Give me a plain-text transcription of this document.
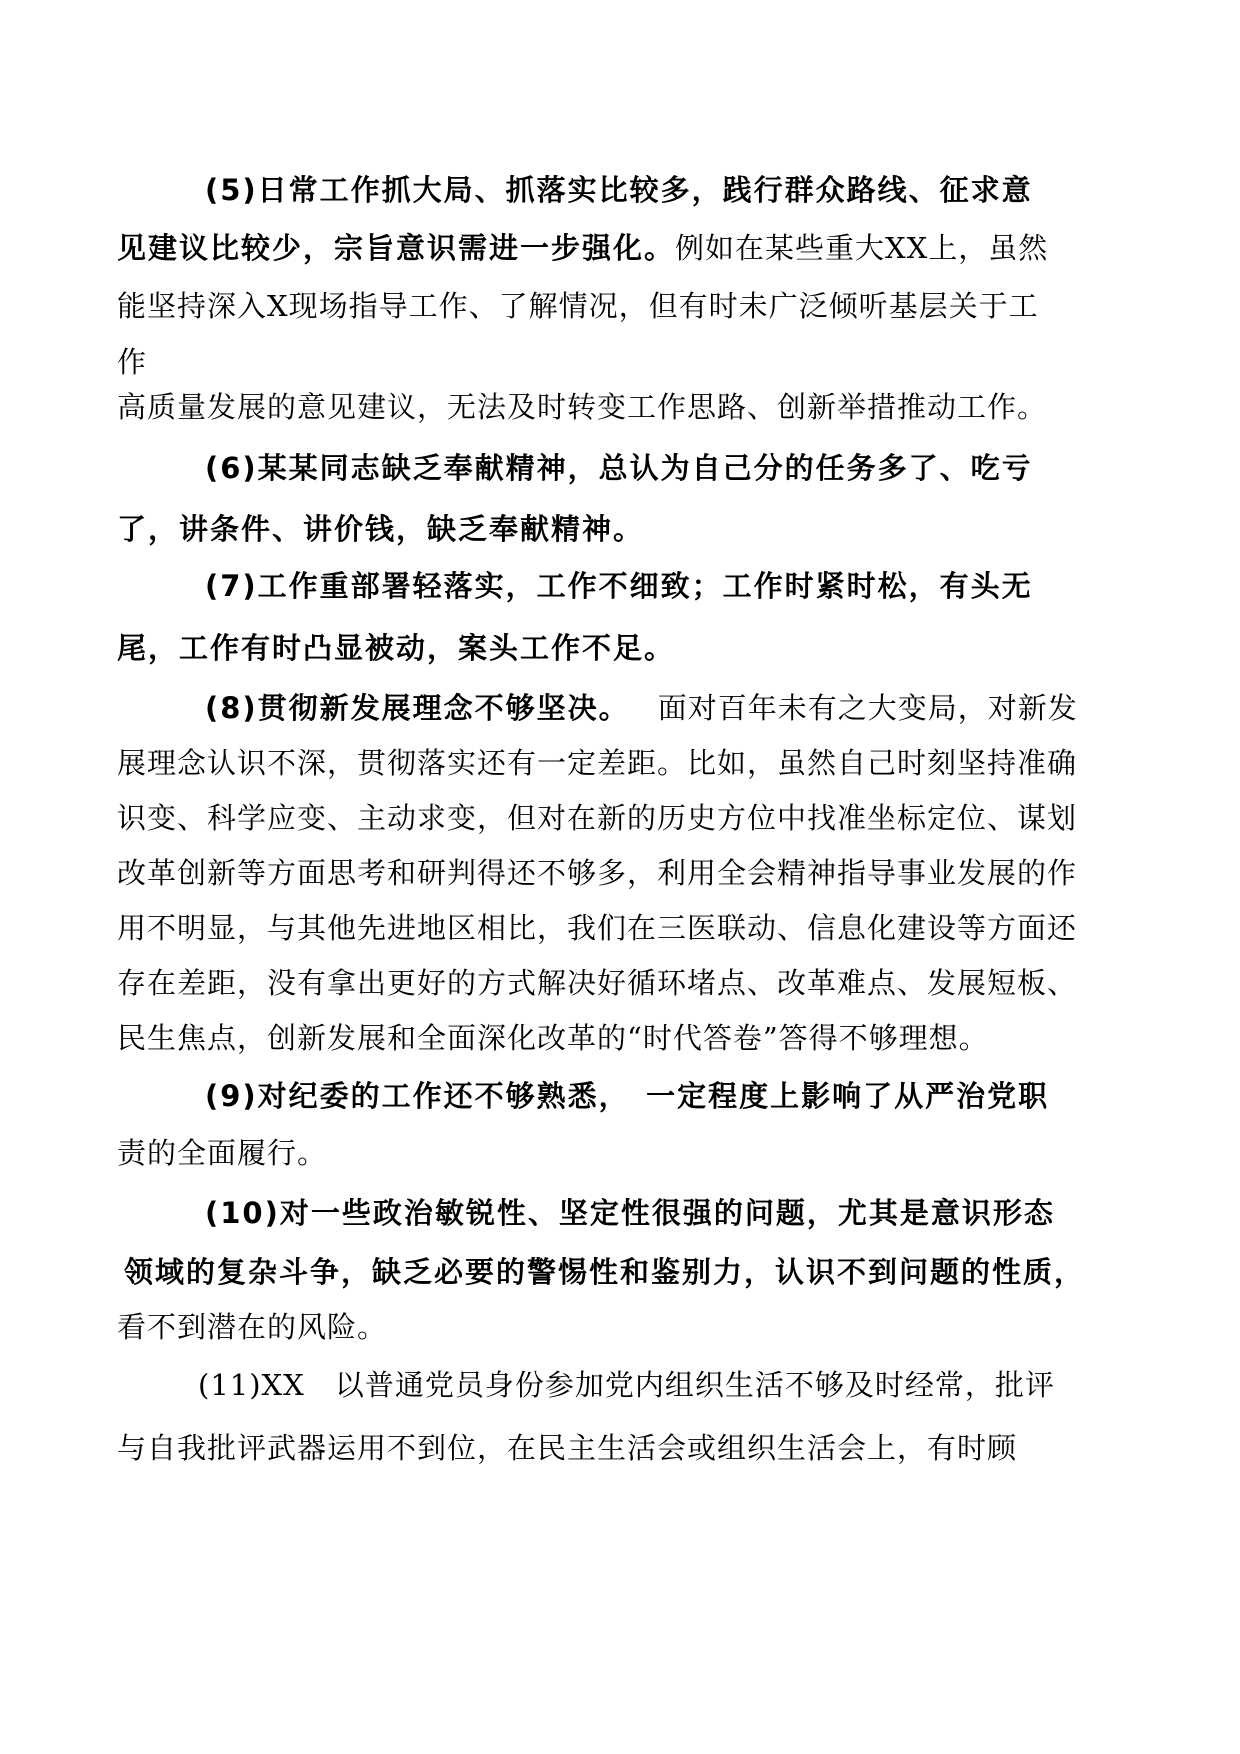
(5)日常工作抓大局、抓落实比较多，践行群众路线、征求意
见建议比较少，宗旨意识需进一步强化。例如在某些重大XX上，虽然
能坚持深入X现场指导工作、了解情况，但有时未广泛倾听基层关于工
作
高质量发展的意见建议，无法及时转变工作思路、创新举措推动工作。
(6)某某同志缺乏奉献精神，总认为自己分的任务多了、吃亏
了，讲条件、讲价钱，缺乏奉献精神。
(7)工作重部署轻落实，工作不细致；工作时紧时松，有头无
尾，工作有时凸显被动，案头工作不足。
(8)贯彻新发展理念不够坚决。 面对百年未有之大变局，对新发
展理念认识不深，贯彻落实还有一定差距。比如，虽然自己时刻坚持准确
识变、科学应变、主动求变，但对在新的历史方位中找准坐标定位、谋划
改革创新等方面思考和研判得还不够多，利用全会精神指导事业发展的作
用不明显，与其他先进地区相比，我们在三医联动、信息化建设等方面还
存在差距，没有拿出更好的方式解决好循环堵点、改革难点、发展短板、
民生焦点，创新发展和全面深化改革的“时代答卷”答得不够理想。
(9)对纪委的工作还不够熟悉，　一定程度上影响了从严治党职
责的全面履行。
(10)对一些政治敏锐性、坚定性很强的问题，尤其是意识形态
领域的复杂斗争，缺乏必要的警惕性和鉴别力，认识不到问题的性质，
看不到潜在的风险。
(11)XX　以普通党员身份参加党内组织生活不够及时经常，批评
与自我批评武器运用不到位，在民主生活会或组织生活会上，有时顾
